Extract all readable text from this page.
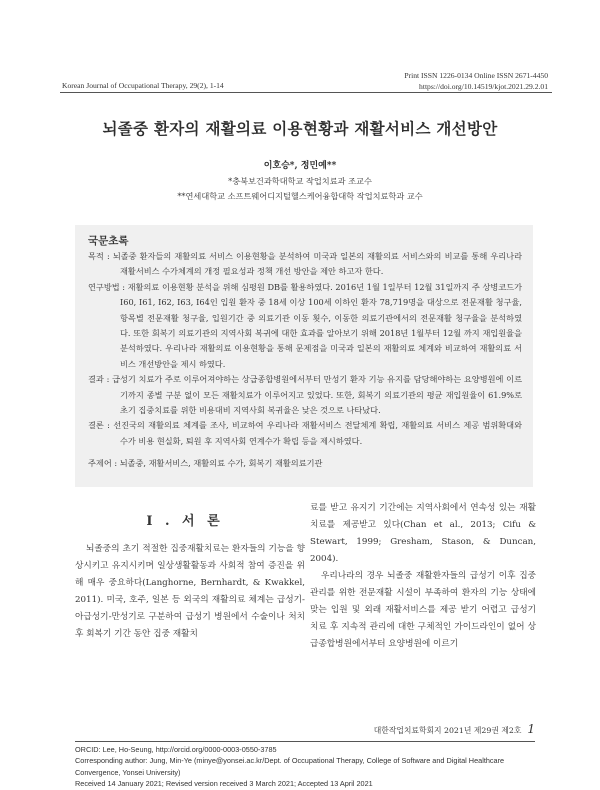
Print ISSN 1226-0134 Online ISSN 2671-4450
https://doi.org/10.14519/kjot.2021.29.2.01
Korean Journal of Occupational Therapy, 29(2), 1-14
뇌졸중 환자의 재활의료 이용현황과 재활서비스 개선방안
이호승*, 정민예**
*충북보건과학대학교 작업치료과 조교수
**연세대학교 소프트웨어디지털헬스케어융합대학 작업치료학과 교수
국문초록

목적 : 뇌졸중 환자들의 재활의료 서비스 이용현황을 분석하여 미국과 일본의 재활의료 서비스와의 비교를 통해 우리나라 재활서비스 수가체계의 개정 필요성과 정책 개선 방안을 제안 하고자 한다.

연구방법 : 재활의료 이용현황 분석을 위해 심평원 DB를 활용하였다. 2016년 1월 1일부터 12월 31일까지 주 상병코드가 I60, I61, I62, I63, I64인 입원 환자 중 18세 이상 100세 이하인 환자 78,719명을 대상으로 전문재활 청구율, 항목별 전문재활 청구율, 입원기간 중 의료기관 이동 횟수, 이동한 의료기관에서의 전문재활 청구율을 분석하였다. 또한 회복기 의료기관의 지역사회 복귀에 대한 효과를 알아보기 위해 2018년 1월부터 12월 까지 재입원율을 분석하였다. 우리나라 재활의료 이용현황을 통해 문제점을 미국과 일본의 재활의료 체계와 비교하여 재활의료 서비스 개선방안을 제시 하였다.

결과 : 급성기 치료가 주로 이루어져야하는 상급종합병원에서부터 만성기 환자 기능 유지를 담당해야하는 요양병원에 이르기까지 종별 구분 없이 모든 재활치료가 이루어지고 있었다. 또한, 회복기 의료기관의 평균 재입원율이 61.9%로 초기 집중치료를 위한 비용대비 지역사회 복귀율은 낮은 것으로 나타났다.

결론 : 선진국의 재활의료 체계를 조사, 비교하여 우리나라 재활서비스 전달체계 확립, 재활의료 서비스 제공 범위확대와 수가 비용 현실화, 퇴원 후 지역사회 연계수가 확립 등을 제시하였다.

주제어 : 뇌졸중, 재활서비스, 재활의료 수가, 회복기 재활의료기관

I . 서 론

뇌졸중의 초기 적절한 집중재활치료는 환자들의 기능을 향상시키고 유지시키며 일상생활활동과 사회적 참여 증진을 위해 매우 중요하다(Langhorne, Bernhardt, & Kwakkel, 2011). 미국, 호주, 일본 등 외국의 재활의료 체계는 급성기-아급성기-만성기로 구분하여 급성기 병원에서 수술이나 처치 후 회복기 기간 동안 집중 재활치

료를 받고 유지기 기간에는 지역사회에서 연속성 있는 재활치료를 제공받고 있다(Chan et al., 2013; Cifu & Stewart, 1999; Gresham, Stason, & Duncan, 2004).

우리나라의 경우 뇌졸중 재활환자들의 급성기 이후 집중관리를 위한 전문재활 시설이 부족하여 환자의 기능 상태에 맞는 입원 및 외래 재활서비스를 제공 받기 어렵고 급성기 치료 후 지속적 관리에 대한 구체적인 가이드라인이 없어 상급종합병원에서부터 요양병원에 이르기

대한작업치료학회지 2021년 제29권 제2호 1
ORCID: Lee, Ho-Seung, http://orcid.org/0000-0003-0550-3785
Corresponding author: Jung, Min-Ye (minye@yonsei.ac.kr/Dept. of Occupational Therapy, College of Software and Digital Healthcare Convergence, Yonsei University)
Received 14 January 2021; Revised version received 3 March 2021; Accepted 13 April 2021
